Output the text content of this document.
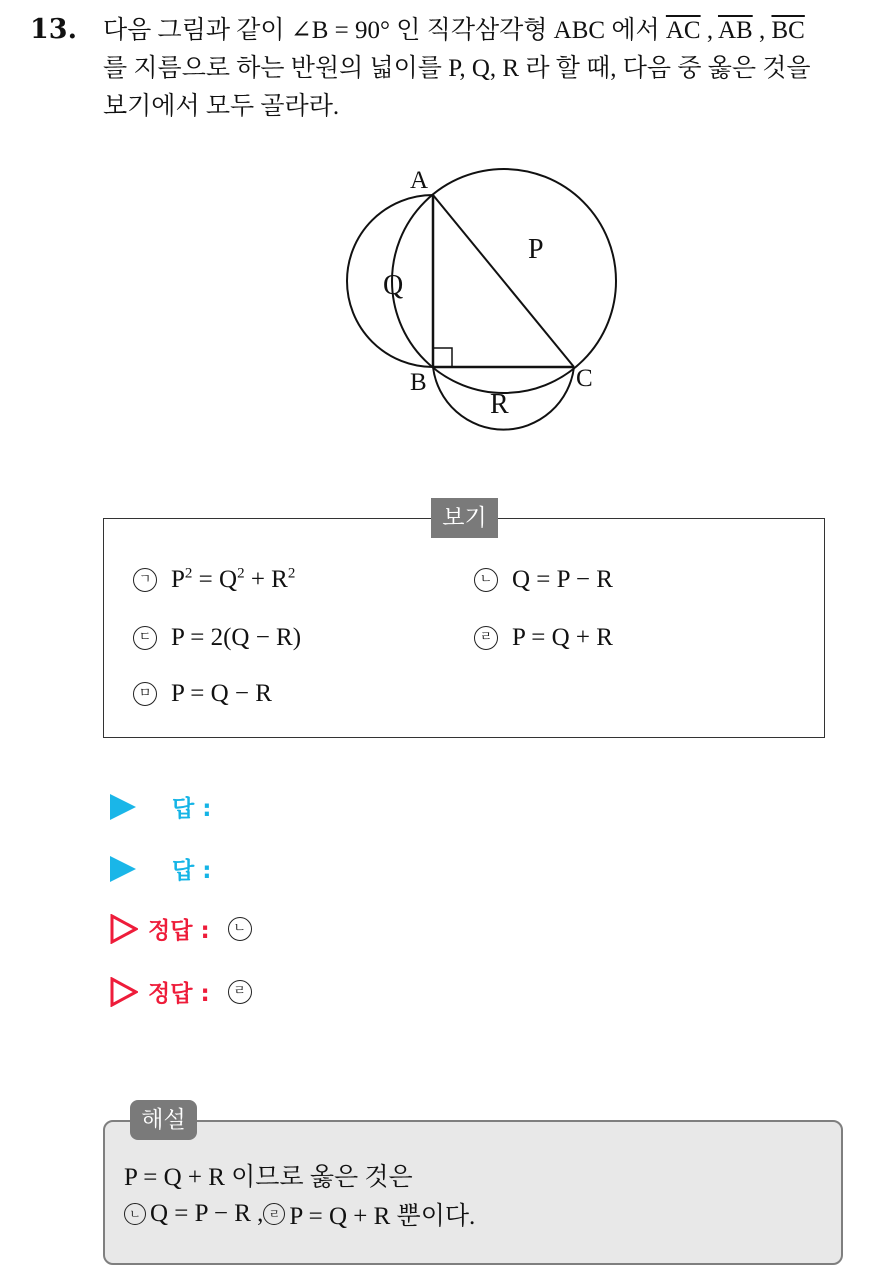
13. 다음 그림과 같이 ∠B = 90° 인 직각삼각형 ABC 에서 $\overline{AC}$ , $\overline{AB}$ , $\overline{BC}$
를 지름으로 하는 반원의 넓이를 P, Q, R 라 할 때, 다음 중 옳은 것을
보기에서 모두 골라라.
A
B	C
P
Q
R
보기
ㄱ $P^2 = Q^2 + R^2$	ㄴ Q = P − R
ㄷ P = 2(Q − R)	ㄹ P = Q + R
ㅁ P = Q − R
답 :
답 :
정답 :	ㄴ
정답 :	ㄹ
해설
P = Q + R 이므로 옳은 것은
ㄴ Q = P − R , ㄹ P = Q + R 뿐이다.
